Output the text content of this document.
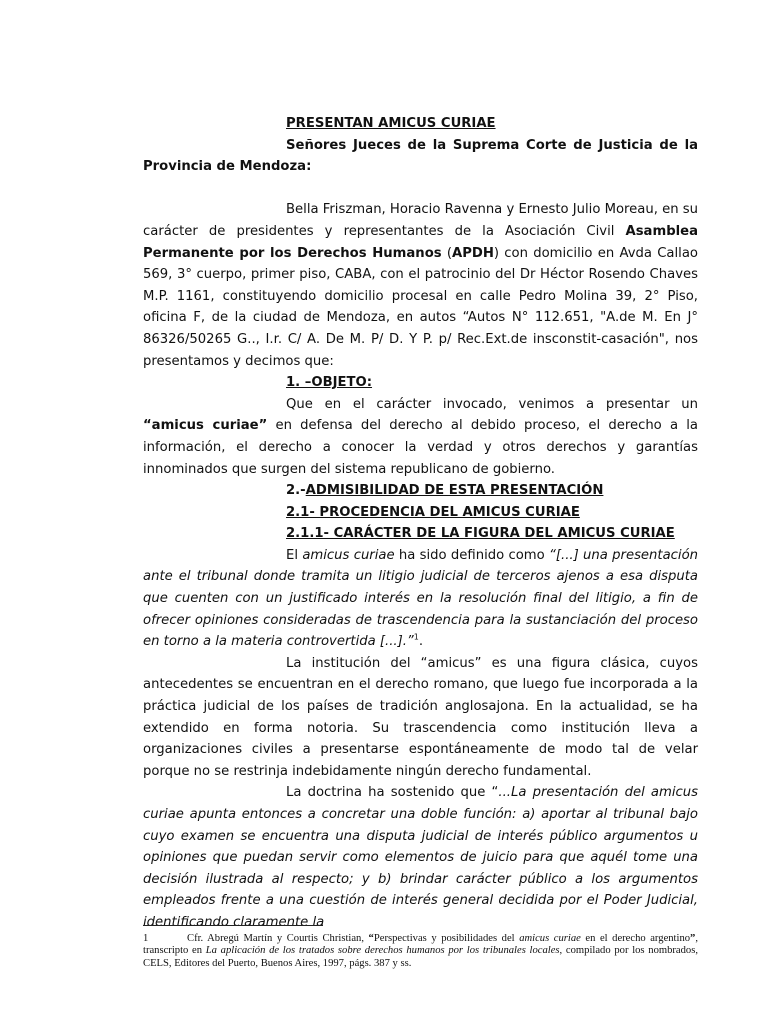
PRESENTAN AMICUS CURIAE

Señores Jueces de la Suprema Corte de Justicia de la Provincia de Mendoza:

Bella Friszman, Horacio Ravenna y Ernesto Julio Moreau, en su carácter de presidentes y representantes de la Asociación Civil Asamblea Permanente por los Derechos Humanos (APDH) con domicilio en Avda Callao 569, 3° cuerpo, primer piso, CABA, con el patrocinio del Dr Héctor Rosendo Chaves M.P. 1161, constituyendo domicilio procesal en calle Pedro Molina 39, 2° Piso, oficina F, de la ciudad de Mendoza, en autos “Autos N° 112.651, "A.de M. En J° 86326/50265 G.., I.r. C/ A. De M. P/ D. Y P. p/ Rec.Ext.de insconstit-casación", nos presentamos y decimos que:

1. –OBJETO:

Que en el carácter invocado, venimos a presentar un “amicus curiae” en defensa del derecho al debido proceso, el derecho a la información, el derecho a conocer la verdad y otros derechos y garantías innominados que surgen del sistema republicano de gobierno.

2.-ADMISIBILIDAD DE ESTA PRESENTACIÓN

2.1- PROCEDENCIA DEL AMICUS CURIAE

2.1.1- CARÁCTER DE LA FIGURA DEL AMICUS CURIAE

El amicus curiae ha sido definido como “[...] una presentación ante el tribunal donde tramita un litigio judicial de terceros ajenos a esa disputa que cuenten con un justificado interés en la resolución final del litigio, a fin de ofrecer opiniones consideradas de trascendencia para la sustanciación del proceso en torno a la materia controvertida [...].”$^1$.

La institución del “amicus” es una figura clásica, cuyos antecedentes se encuentran en el derecho romano, que luego fue incorporada a la práctica judicial de los países de tradición anglosajona. En la actualidad, se ha extendido en forma notoria. Su trascendencia como institución lleva a organizaciones civiles a presentarse espontáneamente de modo tal de velar porque no se restrinja indebidamente ningún derecho fundamental.

La doctrina ha sostenido que “...La presentación del amicus curiae apunta entonces a concretar una doble función: a) aportar al tribunal bajo cuyo examen se encuentra una disputa judicial de interés público argumentos u opiniones que puedan servir como elementos de juicio para que aquél tome una decisión ilustrada al respecto; y b) brindar carácter público a los argumentos empleados frente a una cuestión de interés general decidida por el Poder Judicial, identificando claramente la

1	Cfr. Abregú Martín y Courtis Christian, “Perspectivas y posibilidades del amicus curiae en el derecho argentino”, transcripto en La aplicación de los tratados sobre derechos humanos por los tribunales locales, compilado por los nombrados, CELS, Editores del Puerto, Buenos Aires, 1997, págs. 387 y ss.
